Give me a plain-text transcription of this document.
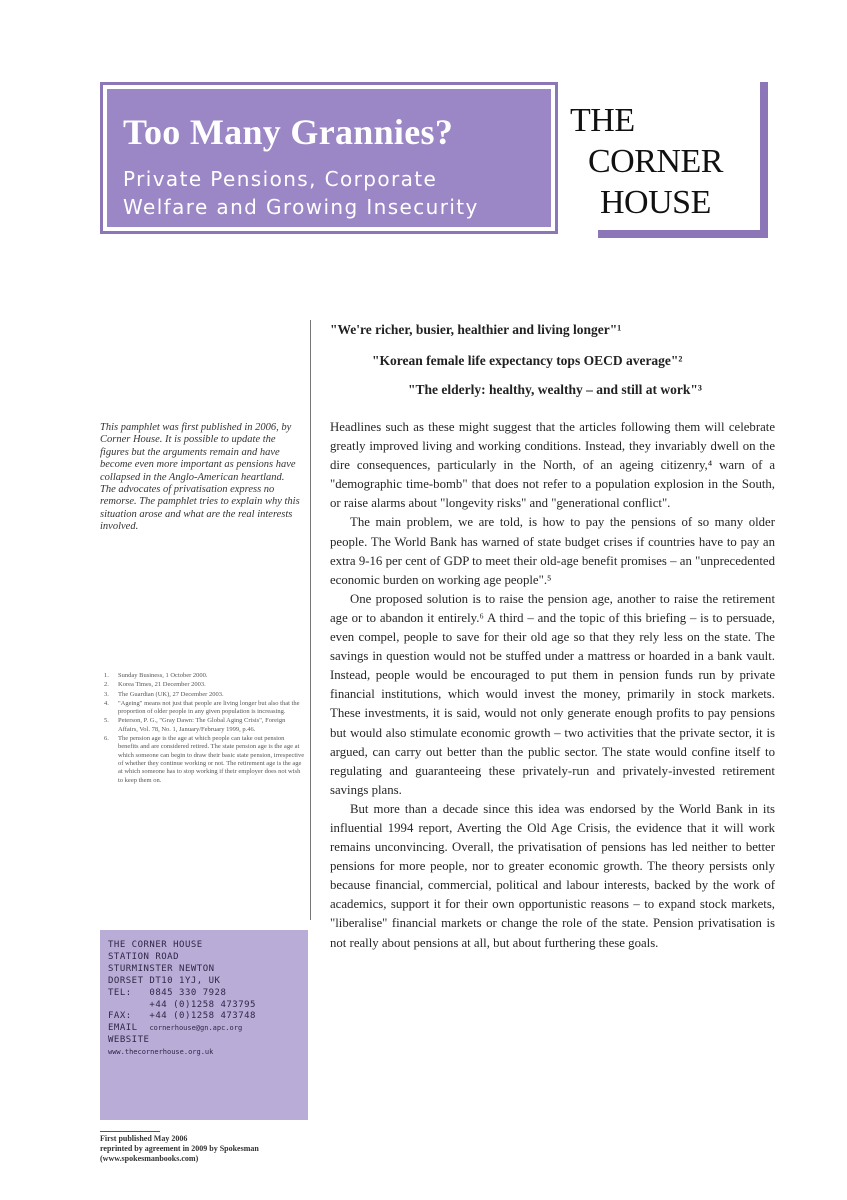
Too Many Grannies?
Private Pensions, Corporate
Welfare and Growing Insecurity
THE
CORNER
HOUSE
"We're richer, busier, healthier and living longer"¹
"Korean female life expectancy tops OECD average"²
"The elderly: healthy, wealthy – and still at work"³
This pamphlet was first published in 2006, by Corner House. It is possible to update the figures but the arguments remain and have become even more important as pensions have collapsed in the Anglo-American heartland. The advocates of privatisation express no remorse. The pamphlet tries to explain why this situation arose and what are the real interests involved.
1. Sunday Business, 1 October 2000.
2. Korea Times, 21 December 2003.
3. The Guardian (UK), 27 December 2003.
4. "Ageing" means not just that people are living longer but also that the proportion of older people in any given population is increasing.
5. Peterson, P. G., "Gray Dawn: The Global Aging Crisis", Foreign Affairs, Vol. 78, No. 1, January/February 1999, p.46.
6. The pension age is the age at which people can take out pension benefits and are considered retired. The state pension age is the age at which someone can begin to draw their basic state pension, irrespective of whether they continue working or not. The retirement age is the age at which someone has to stop working if their employer does not wish to keep them on.

Headlines such as these might suggest that the articles following them will celebrate greatly improved living and working conditions. Instead, they invariably dwell on the dire consequences, particularly in the North, of an ageing citizenry,⁴ warn of a "demographic time-bomb" that does not refer to a population explosion in the South, or raise alarms about "longevity risks" and "generational conflict".

The main problem, we are told, is how to pay the pensions of so many older people. The World Bank has warned of state budget crises if countries have to pay an extra 9-16 per cent of GDP to meet their old-age benefit promises – an "unprecedented economic burden on working age people".⁵

One proposed solution is to raise the pension age, another to raise the retirement age or to abandon it entirely.⁶ A third – and the topic of this briefing – is to persuade, even compel, people to save for their old age so that they rely less on the state. The savings in question would not be stuffed under a mattress or hoarded in a bank vault. Instead, people would be encouraged to put them in pension funds run by private financial institutions, which would invest the money, primarily in stock markets. These investments, it is said, would not only generate enough profits to pay pensions but would also stimulate economic growth – two activities that the private sector, it is argued, can carry out better than the public sector. The state would confine itself to regulating and guaranteeing these privately-run and privately-invested retirement savings plans.

But more than a decade since this idea was endorsed by the World Bank in its influential 1994 report, Averting the Old Age Crisis, the evidence that it will work remains unconvincing. Overall, the privatisation of pensions has led neither to better pensions for more people, nor to greater economic growth. The theory persists only because financial, commercial, political and labour interests, backed by the work of academics, support it for their own opportunistic reasons – to expand stock markets, "liberalise" financial markets or change the role of the state. Pension privatisation is not really about pensions at all, but about furthering these goals.

THE CORNER HOUSE
STATION ROAD
STURMINSTER NEWTON
DORSET DT10 1YJ, UK
TEL:   0845 330 7928
+44 (0)1258 473795
FAX:   +44 (0)1258 473748
EMAIL cornerhouse@gn.apc.org
WEBSITE
www.thecornerhouse.org.uk
First published May 2006
reprinted by agreement in 2009 by Spokesman
(www.spokesmanbooks.com)
